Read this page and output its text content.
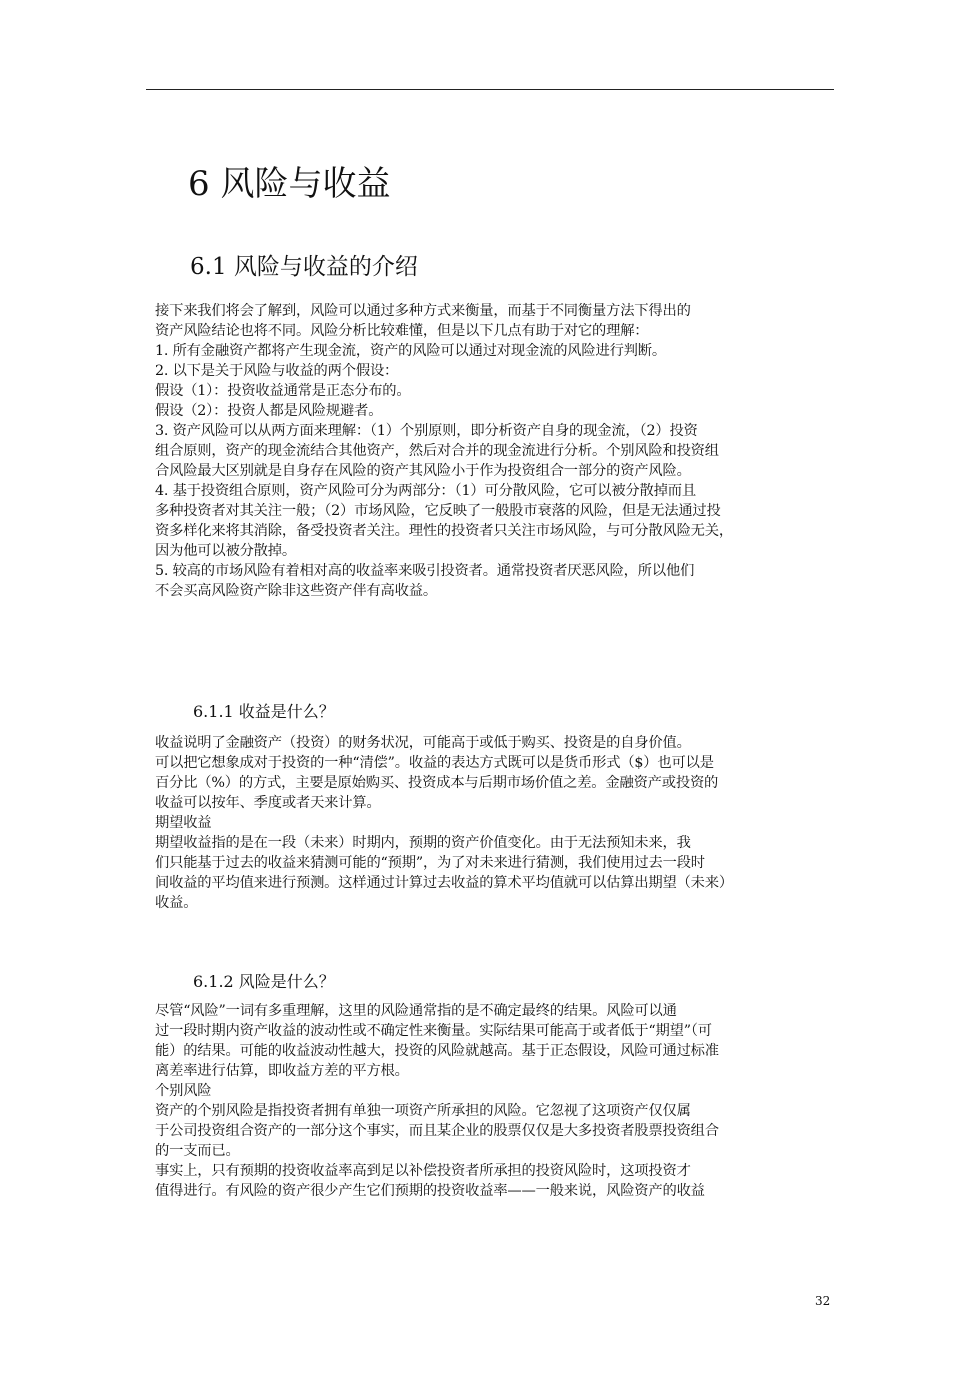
6 风险与收益
6.1 风险与收益的介绍
接下来我们将会了解到，风险可以通过多种方式来衡量，而基于不同衡量方法下得出的
资产风险结论也将不同。风险分析比较难懂，但是以下几点有助于对它的理解：
1. 所有金融资产都将产生现金流，资产的风险可以通过对现金流的风险进行判断。
2. 以下是关于风险与收益的两个假设：
假设（1）：投资收益通常是正态分布的。
假设（2）：投资人都是风险规避者。
3. 资产风险可以从两方面来理解：（1）个别原则，即分析资产自身的现金流，（2）投资
组合原则，资产的现金流结合其他资产，然后对合并的现金流进行分析。个别风险和投资组
合风险最大区别就是自身存在风险的资产其风险小于作为投资组合一部分的资产风险。
4. 基于投资组合原则，资产风险可分为两部分：（1）可分散风险，它可以被分散掉而且
多种投资者对其关注一般；（2）市场风险，它反映了一般股市衰落的风险，但是无法通过投
资多样化来将其消除，备受投资者关注。理性的投资者只关注市场风险，与可分散风险无关，
因为他可以被分散掉。
5. 较高的市场风险有着相对高的收益率来吸引投资者。通常投资者厌恶风险，所以他们
不会买高风险资产除非这些资产伴有高收益。
6.1.1 收益是什么？
收益说明了金融资产（投资）的财务状况，可能高于或低于购买、投资是的自身价值。
可以把它想象成对于投资的一种“清偿”。收益的表达方式既可以是货币形式（$）也可以是
百分比（%）的方式，主要是原始购买、投资成本与后期市场价值之差。金融资产或投资的
收益可以按年、季度或者天来计算。
期望收益
期望收益指的是在一段（未来）时期内，预期的资产价值变化。由于无法预知未来，我
们只能基于过去的收益来猜测可能的“预期”，为了对未来进行猜测，我们使用过去一段时
间收益的平均值来进行预测。这样通过计算过去收益的算术平均值就可以估算出期望（未来）
收益。
6.1.2 风险是什么？
尽管“风险”一词有多重理解，这里的风险通常指的是不确定最终的结果。风险可以通
过一段时期内资产收益的波动性或不确定性来衡量。实际结果可能高于或者低于“期望”（可
能）的结果。可能的收益波动性越大，投资的风险就越高。基于正态假设，风险可通过标准
离差率进行估算，即收益方差的平方根。
个别风险
资产的个别风险是指投资者拥有单独一项资产所承担的风险。它忽视了这项资产仅仅属
于公司投资组合资产的一部分这个事实，而且某企业的股票仅仅是大多投资者股票投资组合
的一支而已。
事实上，只有预期的投资收益率高到足以补偿投资者所承担的投资风险时，这项投资才
值得进行。有风险的资产很少产生它们预期的投资收益率——一般来说，风险资产的收益
32
